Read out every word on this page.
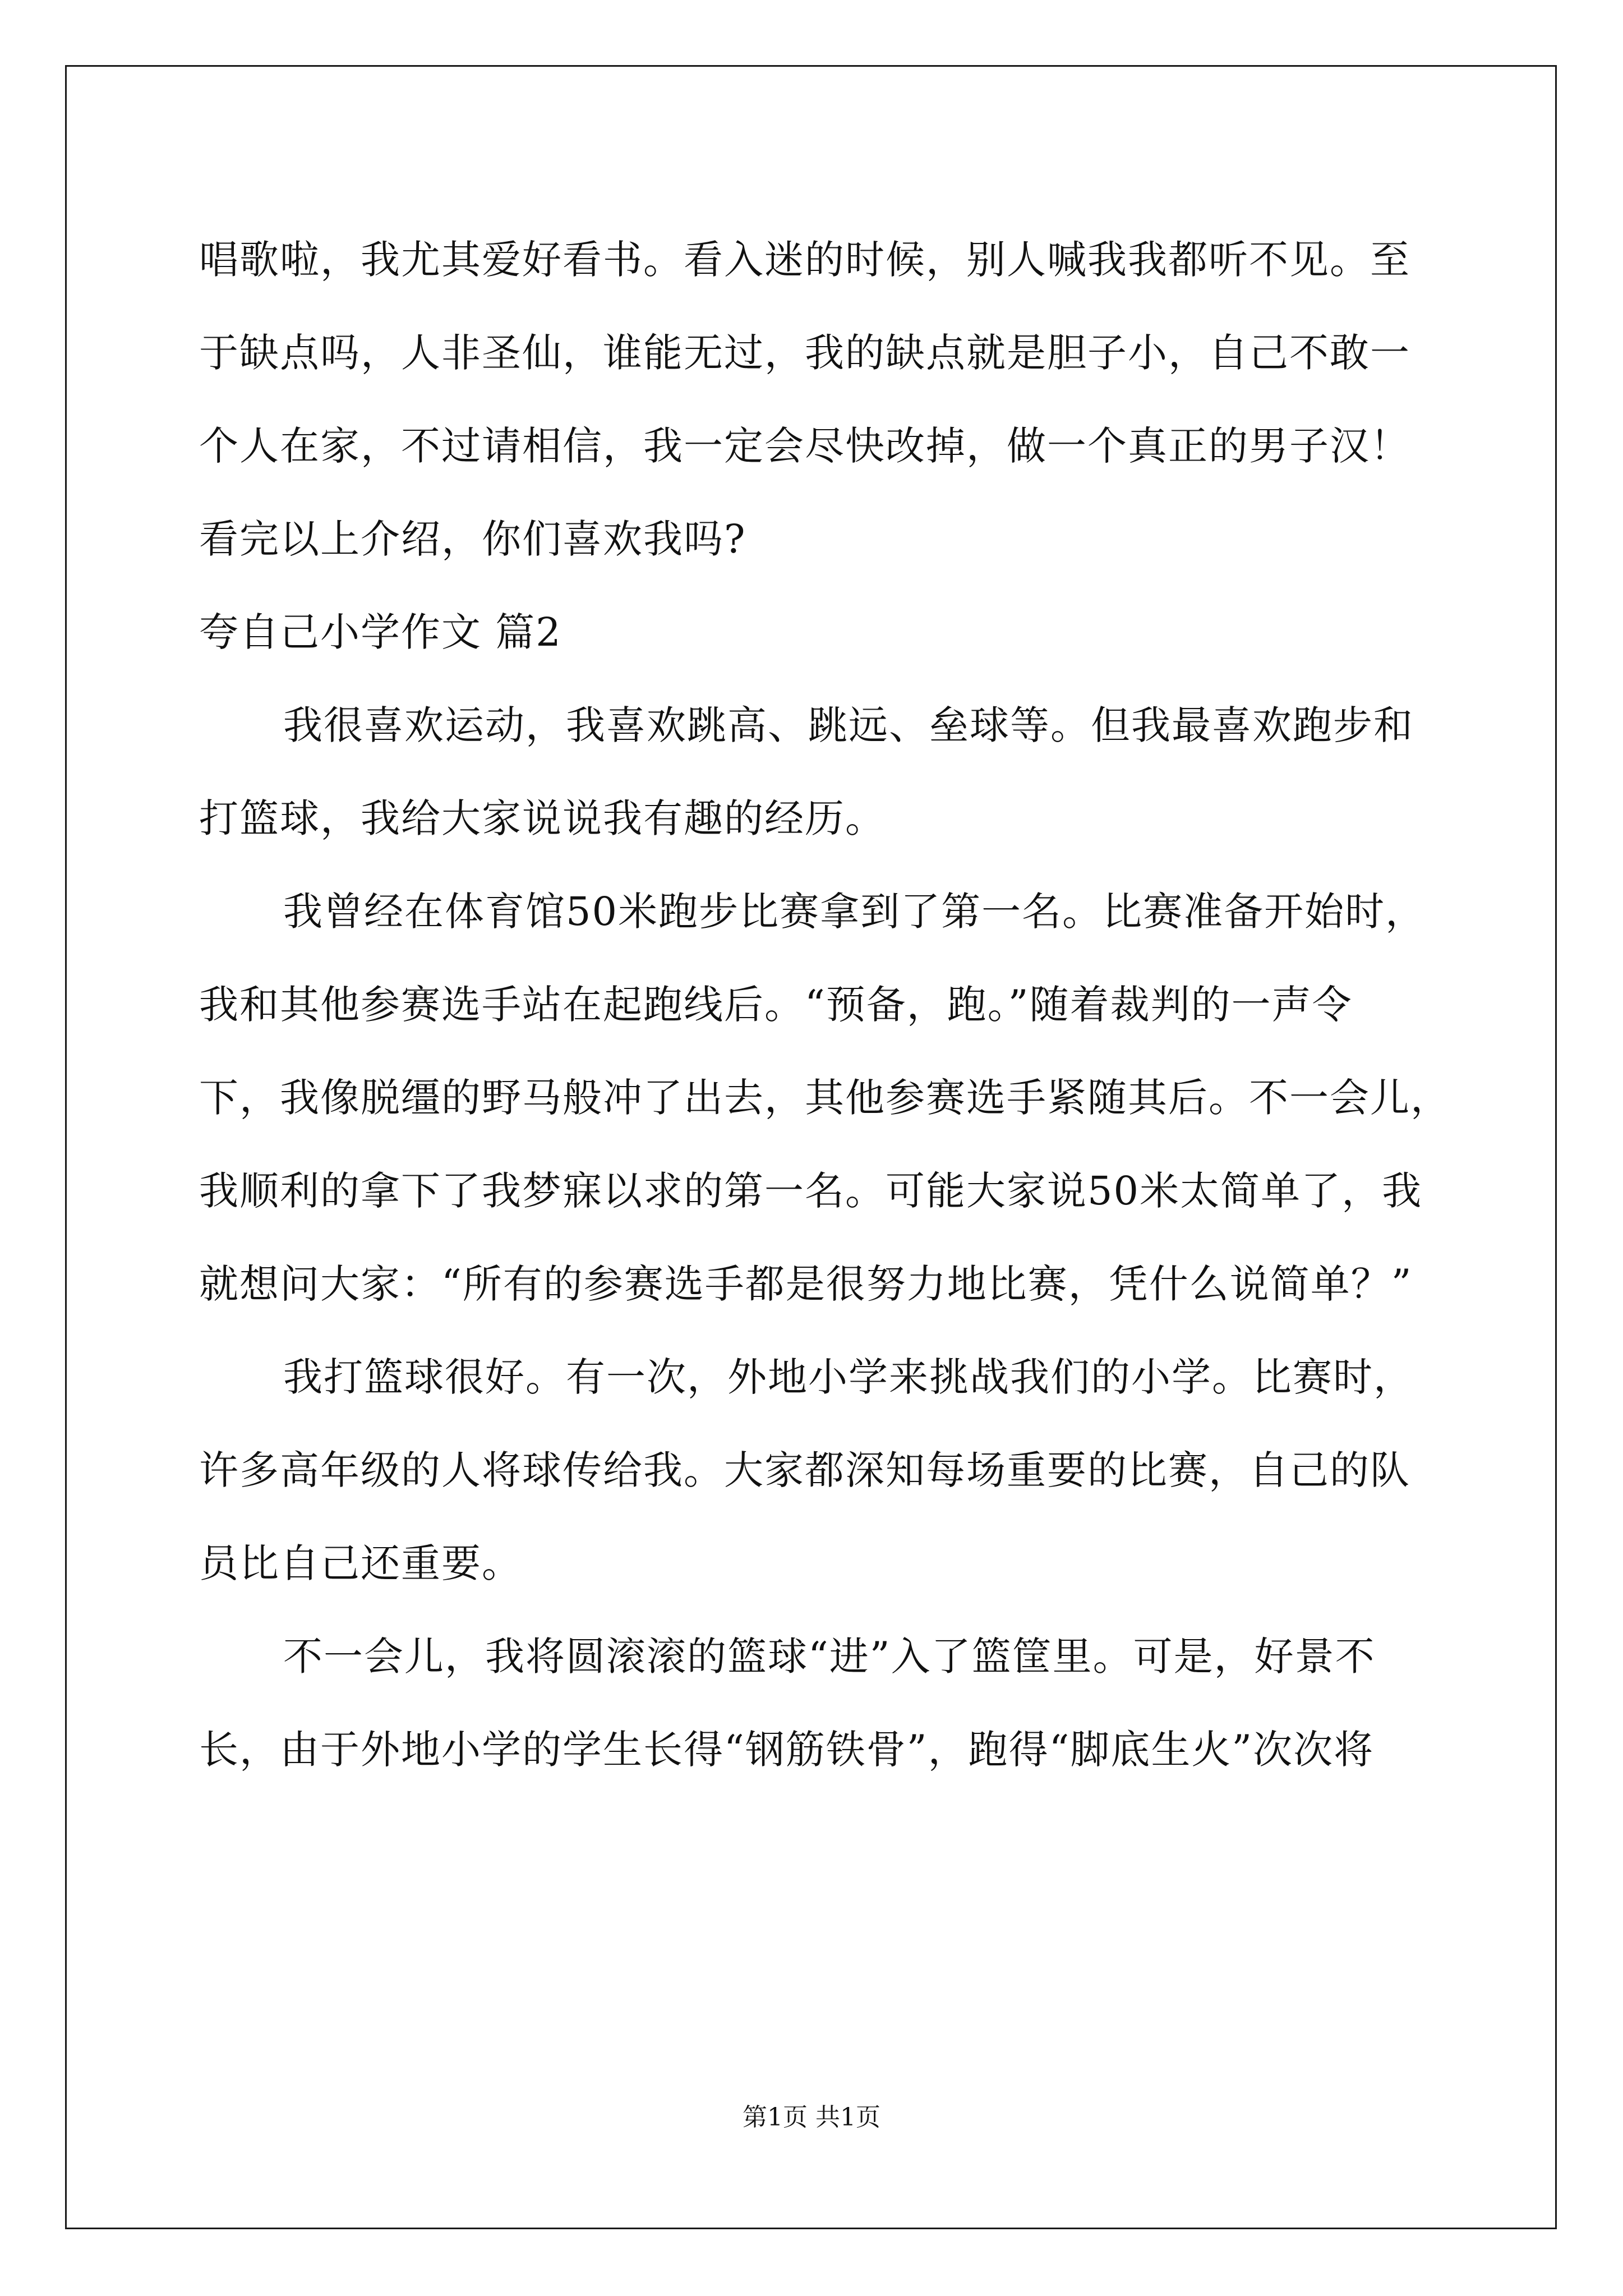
唱歌啦，我尤其爱好看书。看入迷的时候，别人喊我我都听不见。至
于缺点吗，人非圣仙，谁能无过，我的缺点就是胆子小，自己不敢一
个人在家，不过请相信，我一定会尽快改掉，做一个真正的男子汉！
看完以上介绍，你们喜欢我吗?
夸自己小学作文 篇2
我很喜欢运动，我喜欢跳高、跳远、垒球等。但我最喜欢跑步和
打篮球，我给大家说说我有趣的经历。
我曾经在体育馆50米跑步比赛拿到了第一名。比赛准备开始时，
我和其他参赛选手站在起跑线后。“预备，跑。”随着裁判的一声令
下，我像脱缰的野马般冲了出去，其他参赛选手紧随其后。不一会儿，
我顺利的拿下了我梦寐以求的第一名。可能大家说50米太简单了，我
就想问大家：“所有的参赛选手都是很努力地比赛，凭什么说简单？”
我打篮球很好。有一次，外地小学来挑战我们的小学。比赛时，
许多高年级的人将球传给我。大家都深知每场重要的比赛，自己的队
员比自己还重要。
不一会儿，我将圆滚滚的篮球“进”入了篮筐里。可是，好景不
长，由于外地小学的学生长得“钢筋铁骨”，跑得“脚底生火”次次将
第1页 共1页
